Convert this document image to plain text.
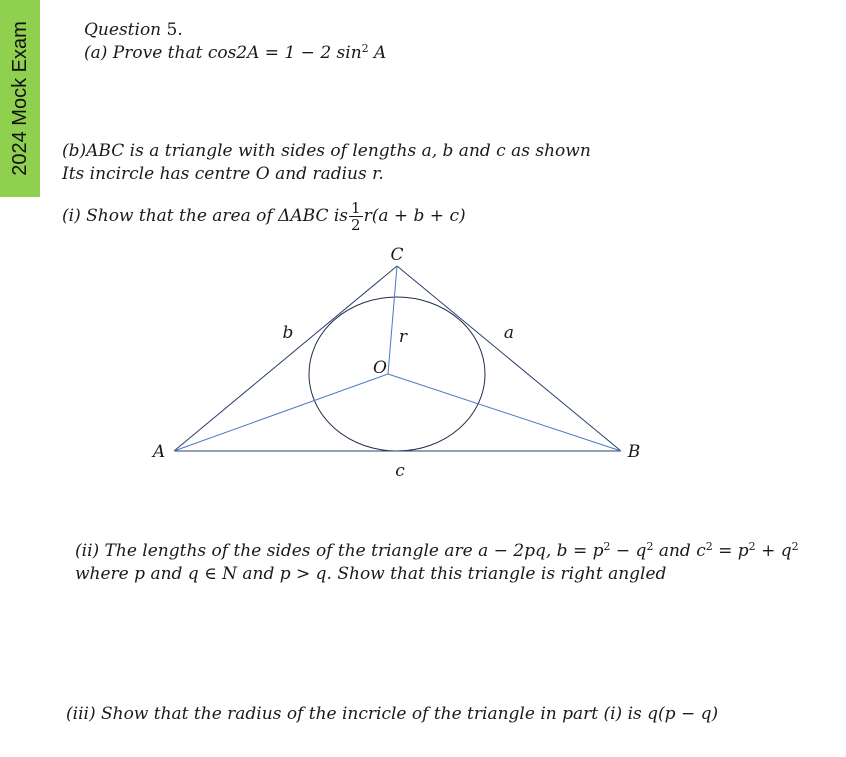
2024 Mock Exam	Question 5.
(a) Prove that cos2A = 1 − 2 $\sin^2 A$
(b)ABC is a triangle with sides of lengths a, b and c as shown
Its incircle has centre O and radius r.
(i) Show that the area of ΔABC is $\frac{1}{2} r(a + b + c)$
C
A	B
O
b	a
c
r
(ii) The lengths of the sides of the triangle are a − 2pq, $b = p^2 - q^2$ and $c^2 = p^2 + q^2$
where p and q ∈ N and p > q. Show that this triangle is right angled
(iii) Show that the radius of the incricle of the triangle in part (i) is q(p − q)
